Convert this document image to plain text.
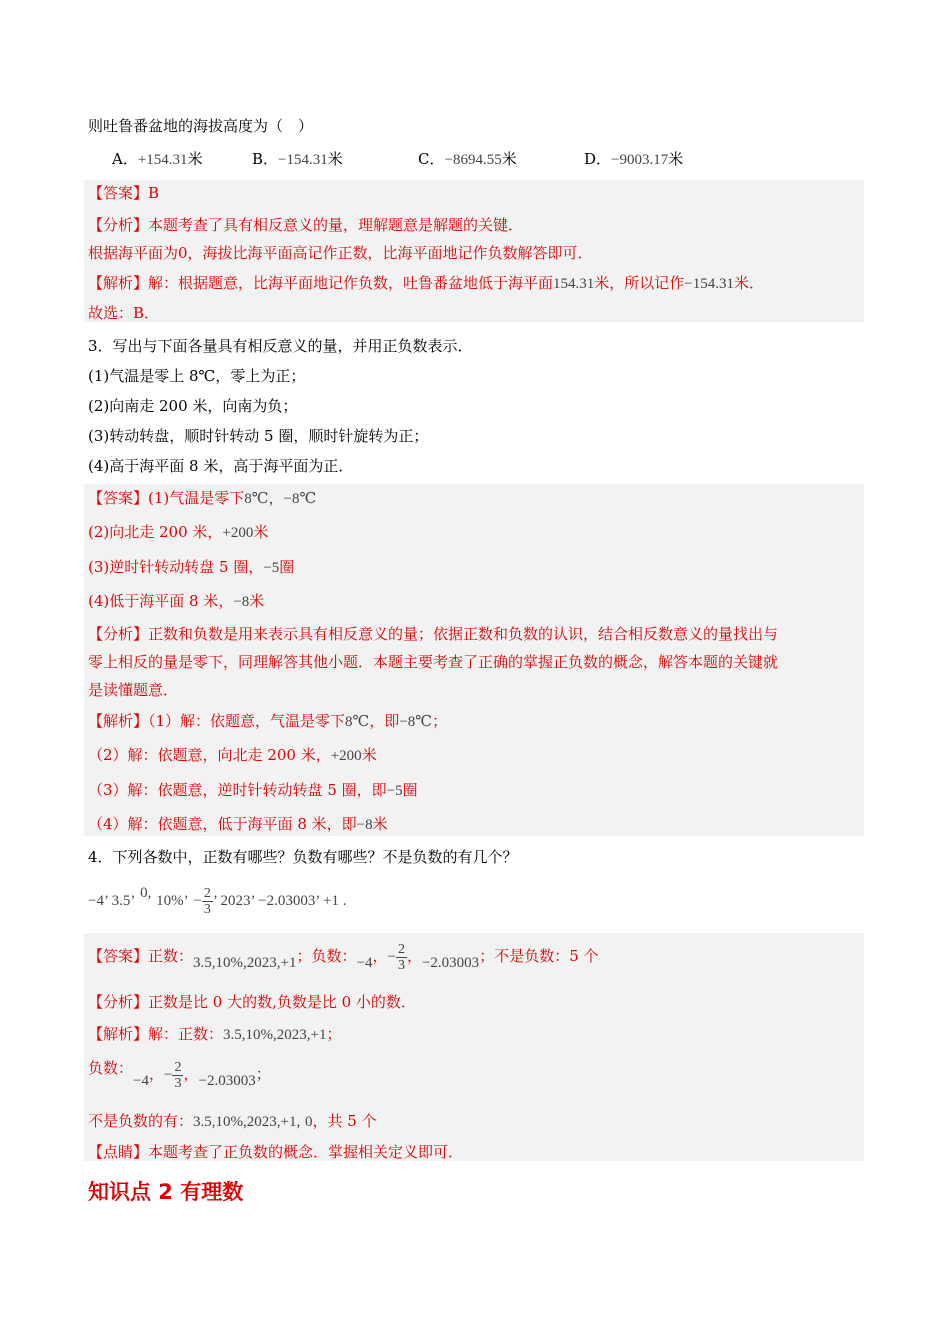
则吐鲁番盆地的海拔高度为（　）
A．+154.31米	B．−154.31米	C．−8694.55米	D．−9003.17米
【答案】B
【分析】本题考查了具有相反意义的量，理解题意是解题的关键．
根据海平面为0，海拔比海平面高记作正数，比海平面地记作负数解答即可．
【解析】解：根据题意，比海平面地记作负数，吐鲁番盆地低于海平面154.31米，所以记作−154.31米．
故选：B．
3．写出与下面各量具有相反意义的量，并用正负数表示．
(1)气温是零上 8℃，零上为正；
(2)向南走 200 米，向南为负；
(3)转动转盘，顺时针转动 5 圈，顺时针旋转为正；
(4)高于海平面 8 米，高于海平面为正．
【答案】(1)气温是零下8℃，−8℃
(2)向北走 200 米，+200米
(3)逆时针转动转盘 5 圈，−5圈
(4)低于海平面 8 米，−8米
【分析】正数和负数是用来表示具有相反意义的量；依据正数和负数的认识，结合相反数意义的量找出与
零上相反的量是零下，同理解答其他小题．本题主要考查了正确的掌握正负数的概念，解答本题的关键就
是读懂题意．
【解析】（1）解：依题意，气温是零下8℃，即−8℃；
（2）解：依题意，向北走 200 米，+200米
（3）解：依题意，逆时针转动转盘 5 圈，即−5圈
（4）解：依题意，低于海平面 8 米，即−8米
4．下列各数中，正数有哪些？负数有哪些？不是负数的有几个？
−4’ 3.5’ 0, 10%’ − $\frac{2}{3}$ ’ 2023’ −2.03003’ +1 .
【答案】正数：3.5,10%,2023,+1；负数：−4，− $\frac{2}{3}$ ，−2.03003；不是负数：5 个
【分析】正数是比 0 大的数,负数是比 0 小的数．
【解析】解：正数：3.5,10%,2023,+1；
负数：−4，− $\frac{2}{3}$ ，−2.03003；
不是负数的有：3.5,10%,2023,+1, 0，共 5 个
【点睛】本题考查了正负数的概念．掌握相关定义即可．
知识点 2 有理数
